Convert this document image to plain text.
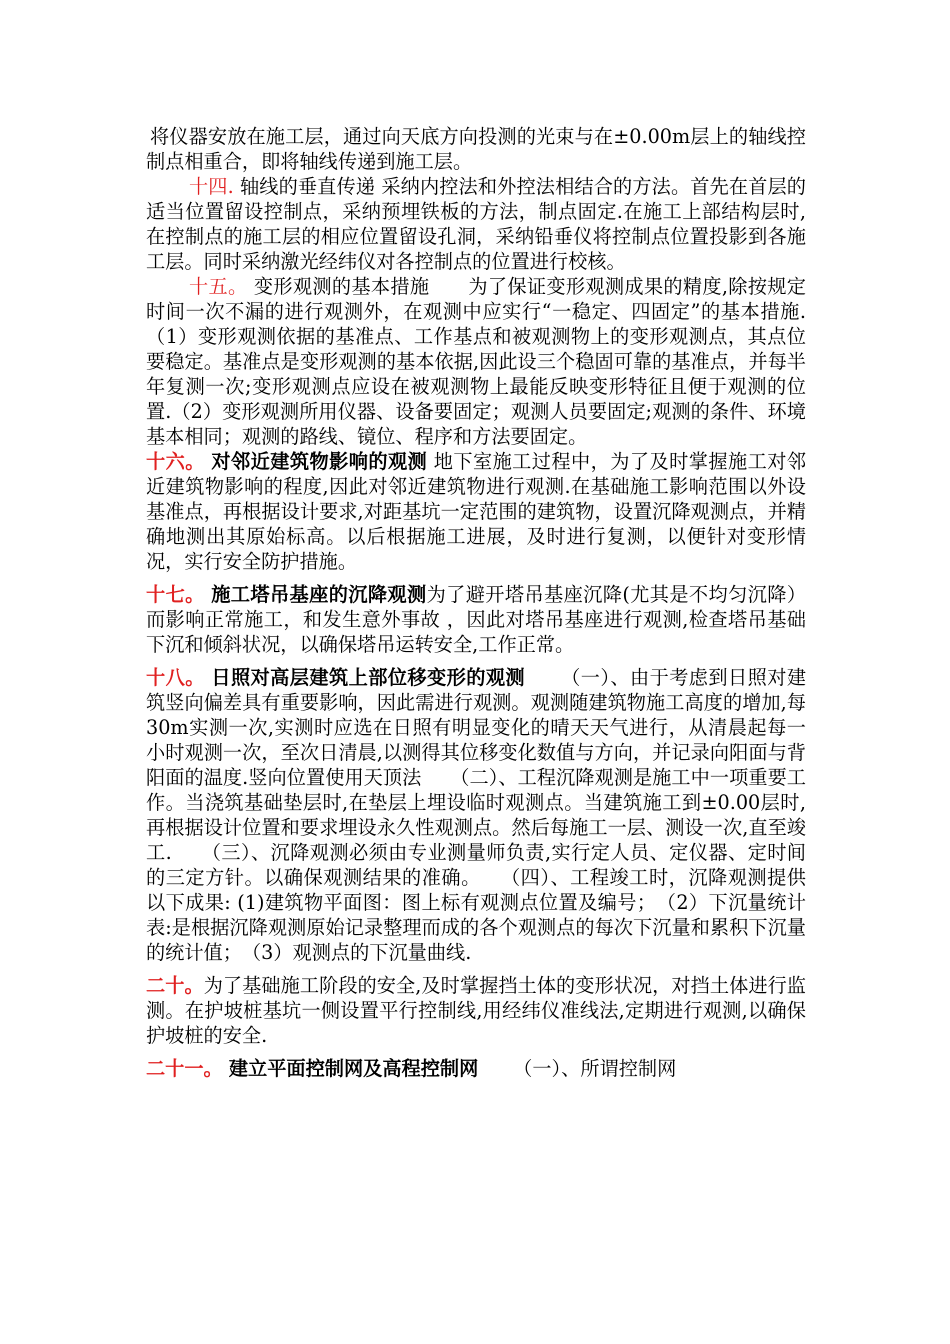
将仪器安放在施工层，通过向天底方向投测的光束与在±0.00m层上的轴线控制点相重合，即将轴线传递到施工层。

十四. 轴线的垂直传递 采纳内控法和外控法相结合的方法。首先在首层的适当位置留设控制点，采纳预埋铁板的方法，制点固定.在施工上部结构层时,在控制点的施工层的相应位置留设孔洞，采纳铅垂仪将控制点位置投影到各施工层。同时采纳激光经纬仪对各控制点的位置进行校核。

十五。 变形观测的基本措施　　为了保证变形观测成果的精度,除按规定时间一次不漏的进行观测外，在观测中应实行“一稳定、四固定”的基本措施.　　（1）变形观测依据的基准点、工作基点和被观测物上的变形观测点，其点位要稳定。基准点是变形观测的基本依据,因此设三个稳固可靠的基准点，并每半年复测一次;变形观测点应设在被观测物上最能反映变形特征且便于观测的位置.（2）变形观测所用仪器、设备要固定；观测人员要固定;观测的条件、环境基本相同；观测的路线、镜位、程序和方法要固定。

十六。 对邻近建筑物影响的观测 地下室施工过程中，为了及时掌握施工对邻近建筑物影响的程度,因此对邻近建筑物进行观测.在基础施工影响范围以外设基准点，再根据设计要求,对距基坑一定范围的建筑物，设置沉降观测点，并精确地测出其原始标高。以后根据施工进展，及时进行复测，以便针对变形情况，实行安全防护措施。

十七。 施工塔吊基座的沉降观测为了避开塔吊基座沉降(尤其是不均匀沉降）而影响正常施工，和发生意外事故 ，因此对塔吊基座进行观测,检查塔吊基础下沉和倾斜状况，以确保塔吊运转安全,工作正常。

十八。 日照对高层建筑上部位移变形的观测 　　（一）、由于考虑到日照对建筑竖向偏差具有重要影响，因此需进行观测。观测随建筑物施工高度的增加,每30m实测一次,实测时应选在日照有明显变化的晴天天气进行，从清晨起每一小时观测一次，至次日清晨,以测得其位移变化数值与方向，并记录向阳面与背阳面的温度.竖向位置使用天顶法　　（二）、工程沉降观测是施工中一项重要工作。当浇筑基础垫层时,在垫层上埋设临时观测点。当建筑施工到±0.00层时,再根据设计位置和要求埋设永久性观测点。然后每施工一层、测设一次,直至竣工.　　（三）、沉降观测必须由专业测量师负责,实行定人员、定仪器、定时间的三定方针。以确保观测结果的准确。　　（四）、工程竣工时，沉降观测提供以下成果: (1)建筑物平面图：图上标有观测点位置及编号；　（2）下沉量统计表:是根据沉降观测原始记录整理而成的各个观测点的每次下沉量和累积下沉量的统计值；　（3）观测点的下沉量曲线.

二十。为了基础施工阶段的安全,及时掌握挡土体的变形状况，对挡土体进行监测。在护坡桩基坑一侧设置平行控制线,用经纬仪准线法,定期进行观测,以确保护坡桩的安全.

二十一。 建立平面控制网及高程控制网 　　（一）、所谓控制网
